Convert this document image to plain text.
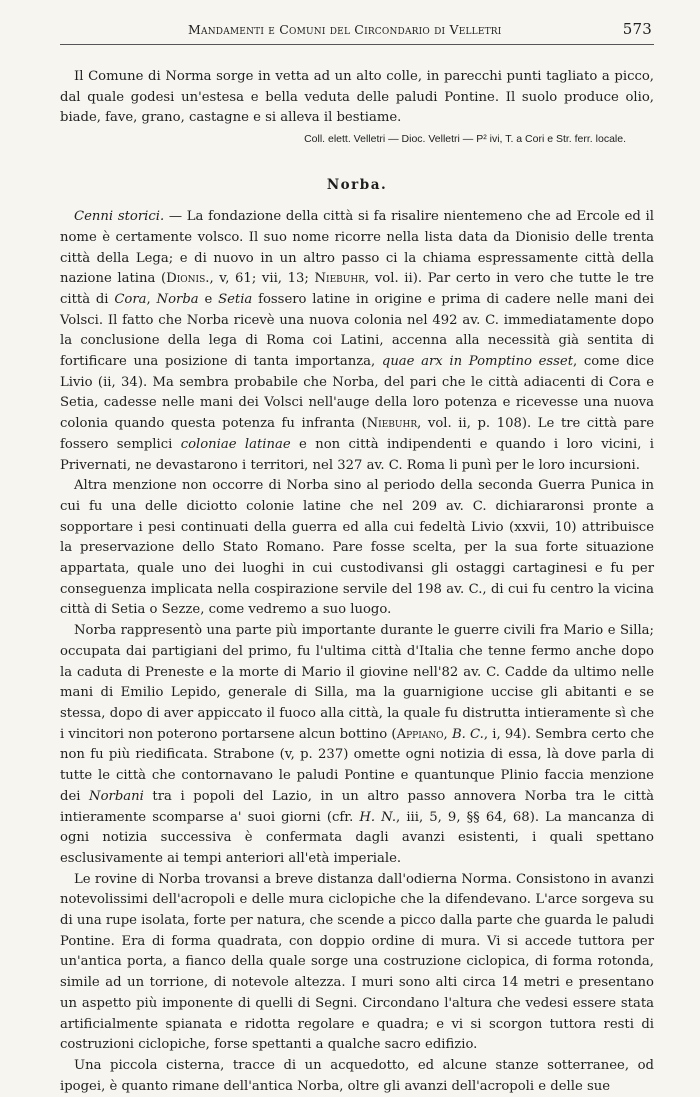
Mandamenti e Comuni del Circondario di Velletri	573

Il Comune di Norma sorge in vetta ad un alto colle, in parecchi punti tagliato a picco, dal quale godesi un'estesa e bella veduta delle paludi Pontine. Il suolo produce olio, biade, fave, grano, castagne e si alleva il bestiame.

Coll. elett. Velletri — Dioc. Velletri — P² ivi, T. a Cori e Str. ferr. locale.
Norba.

Cenni storici. — La fondazione della città si fa risalire nientemeno che ad Ercole ed il nome è certamente volsco. Il suo nome ricorre nella lista data da Dionisio delle trenta città della Lega; e di nuovo in un altro passo ci la chiama espressamente città della nazione latina (Dionis., v, 61; vii, 13; Niebuhr, vol. ii). Par certo in vero che tutte le tre città di Cora, Norba e Setia fossero latine in origine e prima di cadere nelle mani dei Volsci. Il fatto che Norba ricevè una nuova colonia nel 492 av. C. immediatamente dopo la conclusione della lega di Roma coi Latini, accenna alla necessità già sentita di fortificare una posizione di tanta importanza, quae arx in Pomptino esset, come dice Livio (ii, 34). Ma sembra probabile che Norba, del pari che le città adiacenti di Cora e Setia, cadesse nelle mani dei Volsci nell'auge della loro potenza e ricevesse una nuova colonia quando questa potenza fu infranta (Niebuhr, vol. ii, p. 108). Le tre città pare fossero semplici coloniae latinae e non città indipendenti e quando i loro vicini, i Privernati, ne devastarono i territori, nel 327 av. C. Roma li punì per le loro incursioni.

Altra menzione non occorre di Norba sino al periodo della seconda Guerra Punica in cui fu una delle diciotto colonie latine che nel 209 av. C. dichiararonsi pronte a sopportare i pesi continuati della guerra ed alla cui fedeltà Livio (xxvii, 10) attribuisce la preservazione dello Stato Romano. Pare fosse scelta, per la sua forte situazione appartata, quale uno dei luoghi in cui custodivansi gli ostaggi cartaginesi e fu per conseguenza implicata nella cospirazione servile del 198 av. C., di cui fu centro la vicina città di Setia o Sezze, come vedremo a suo luogo.

Norba rappresentò una parte più importante durante le guerre civili fra Mario e Silla; occupata dai partigiani del primo, fu l'ultima città d'Italia che tenne fermo anche dopo la caduta di Preneste e la morte di Mario il giovine nell'82 av. C. Cadde da ultimo nelle mani di Emilio Lepido, generale di Silla, ma la guarnigione uccise gli abitanti e se stessa, dopo di aver appiccato il fuoco alla città, la quale fu distrutta intieramente sì che i vincitori non poterono portarsene alcun bottino (Appiano, B. C., i, 94). Sembra certo che non fu più riedificata. Strabone (v, p. 237) omette ogni notizia di essa, là dove parla di tutte le città che contornavano le paludi Pontine e quantunque Plinio faccia menzione dei Norbani tra i popoli del Lazio, in un altro passo annovera Norba tra le città intieramente scomparse a' suoi giorni (cfr. H. N., iii, 5, 9, §§ 64, 68). La mancanza di ogni notizia successiva è confermata dagli avanzi esistenti, i quali spettano esclusivamente ai tempi anteriori all'età imperiale.

Le rovine di Norba trovansi a breve distanza dall'odierna Norma. Consistono in avanzi notevolissimi dell'acropoli e delle mura ciclopiche che la difendevano. L'arce sorgeva su di una rupe isolata, forte per natura, che scende a picco dalla parte che guarda le paludi Pontine. Era di forma quadrata, con doppio ordine di mura. Vi si accede tuttora per un'antica porta, a fianco della quale sorge una costruzione ciclopica, di forma rotonda, simile ad un torrione, di notevole altezza. I muri sono alti circa 14 metri e presentano un aspetto più imponente di quelli di Segni. Circondano l'altura che vedesi essere stata artificialmente spianata e ridotta regolare e quadra; e vi si scorgon tuttora resti di costruzioni ciclopiche, forse spettanti a qualche sacro edifizio.

Una piccola cisterna, tracce di un acquedotto, ed alcune stanze sotterranee, od ipogei, è quanto rimane dell'antica Norba, oltre gli avanzi dell'acropoli e delle sue
